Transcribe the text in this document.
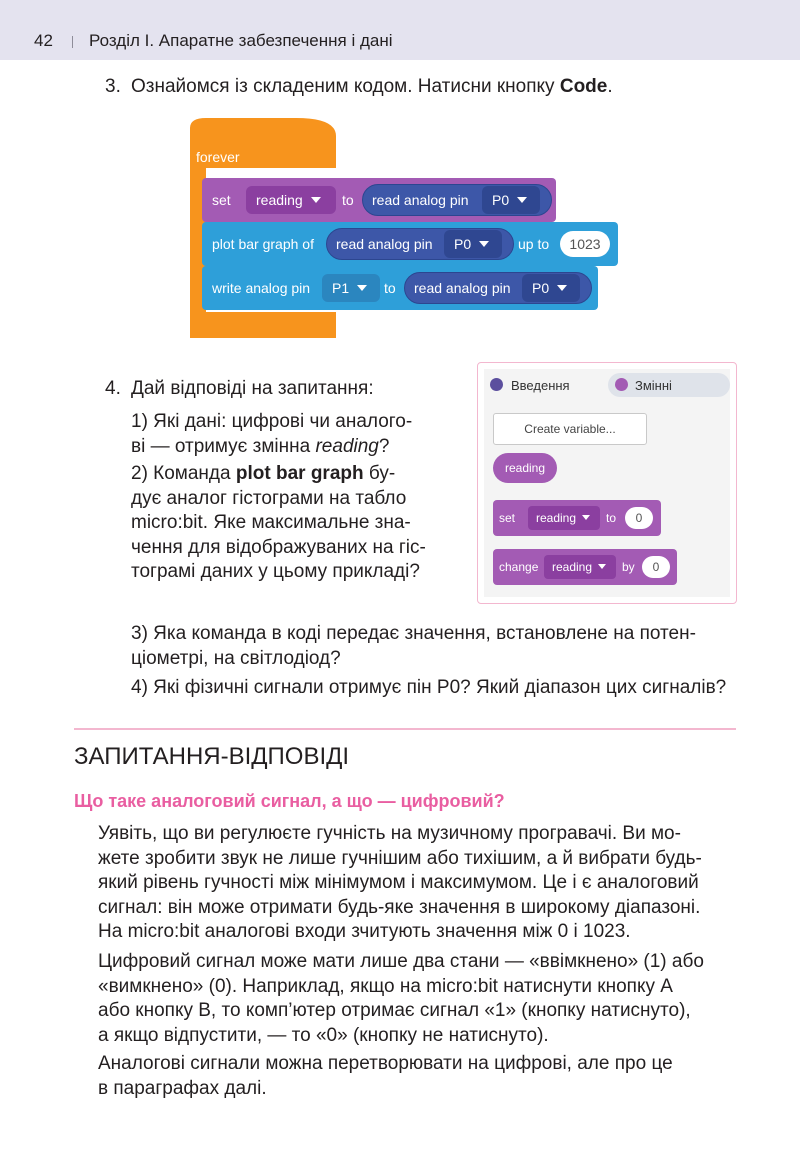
42 Розділ І. Апаратне забезпечення і дані
3. Ознайомся із складеним кодом. Натисни кнопку Code.
forever
set	reading	to read analog pin	P0
plot bar graph of read analog pin	P0	up to	1023
write analog pin	P1	to read analog pin	P0
4. Дай відповіді на запитання:
1) Які дані: цифрові чи аналого-
ві — отримує змінна reading?
2) Команда plot bar graph бу-
дує аналог гістограми на табло
micro:bit. Яке максимальне зна-
чення для відображуваних на гіс-
тограмі даних у цьому прикладі?
Введення	Змінні
Create variable...
reading
set	reading	to	0
change	reading	by	0
3) Яка команда в коді передає значення, встановлене на потен-
ціометрі, на світлодіод?
4) Які фізичні сигнали отримує пін P0? Який діапазон цих сигналів?
ЗАПИТАННЯ-ВІДПОВІДІ
Що таке аналоговий сигнал, а що — цифровий?
Уявіть, що ви регулюєте гучність на музичному програвачі. Ви мо-
жете зробити звук не лише гучнішим або тихішим, а й вибрати будь-
який рівень гучності між мінімумом і максимумом. Це і є аналоговий
сигнал: він може отримати будь-яке значення в широкому діапазоні.
На micro:bit аналогові входи зчитують значення між 0 і 1023.
Цифровий сигнал може мати лише два стани — «ввімкнено» (1) або
«вимкнено» (0). Наприклад, якщо на micro:bit натиснути кнопку A
або кнопку B, то комп’ютер отримає сигнал «1» (кнопку натиснуто),
а якщо відпустити, — то «0» (кнопку не натиснуто).
Аналогові сигнали можна перетворювати на цифрові, але про це
в параграфах далі.
